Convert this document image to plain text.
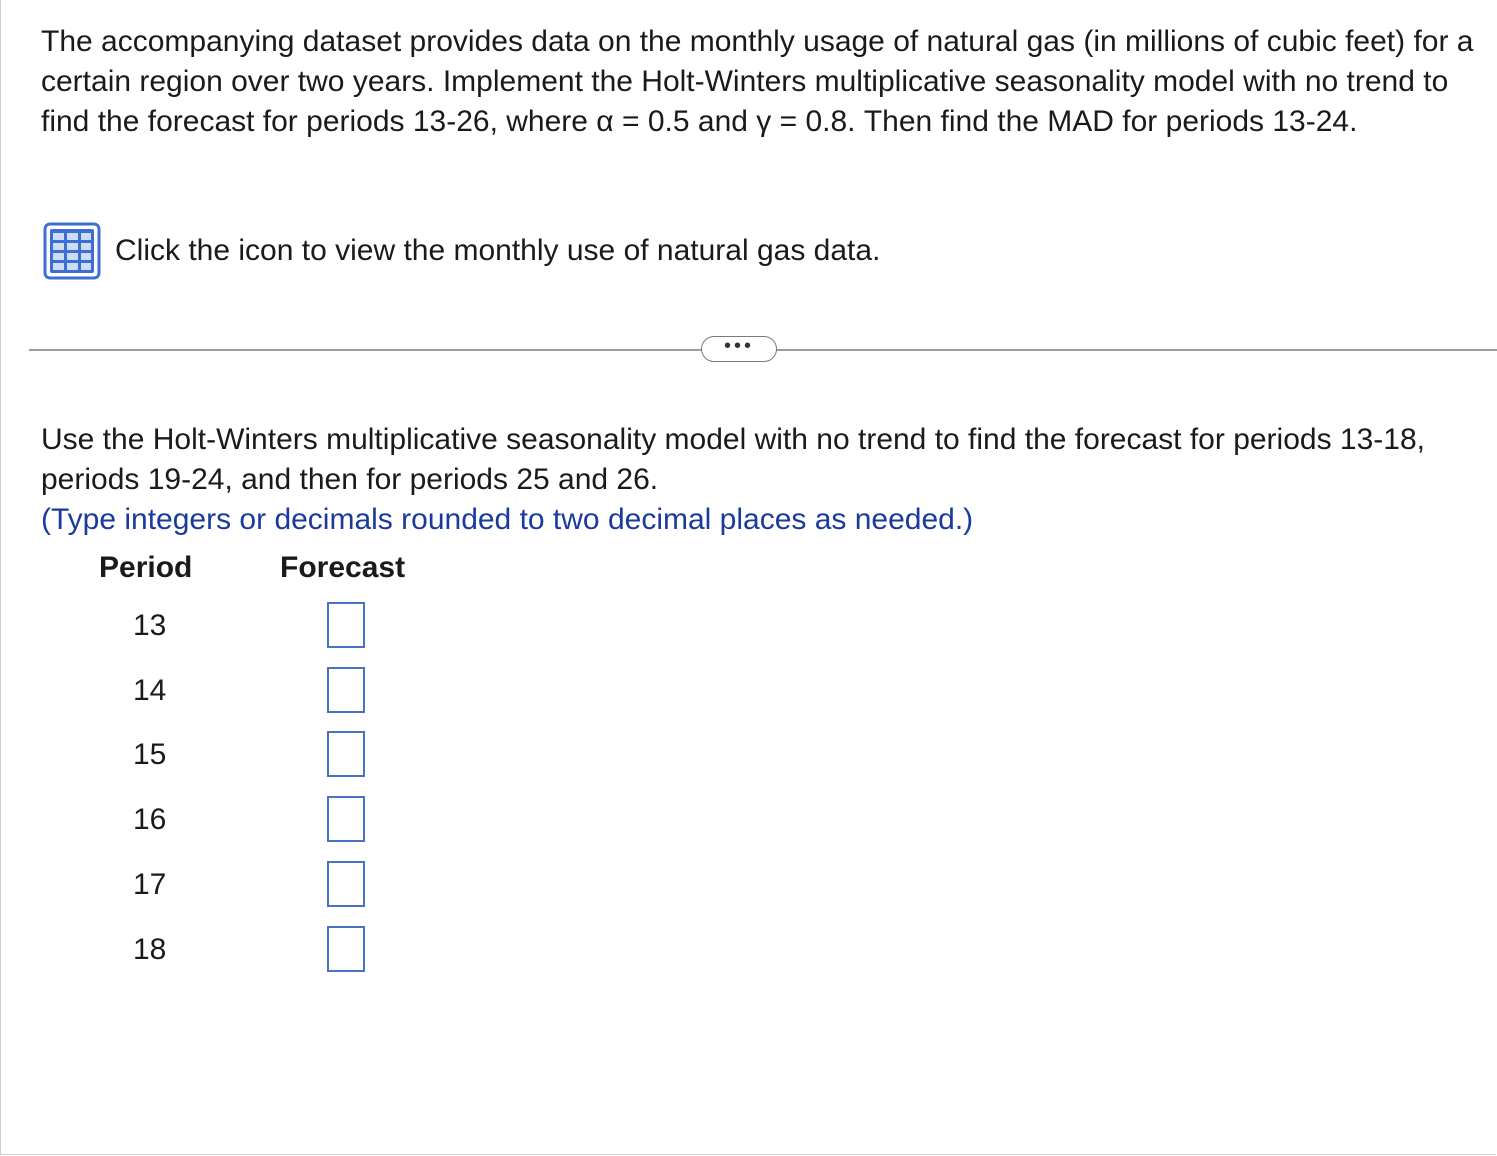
The accompanying dataset provides data on the monthly usage of natural gas (in millions of cubic feet) for a certain region over two years. Implement the Holt-Winters multiplicative seasonality model with no trend to find the forecast for periods 13-26, where α = 0.5 and γ = 0.8. Then find the MAD for periods 13-24.

Click the icon to view the monthly use of natural gas data.
•••

Use the Holt-Winters multiplicative seasonality model with no trend to find the forecast for periods 13-18, periods 19-24, and then for periods 25 and 26.

(Type integers or decimals rounded to two decimal places as needed.)
Period	Forecast
13
14
15
16
17
18
